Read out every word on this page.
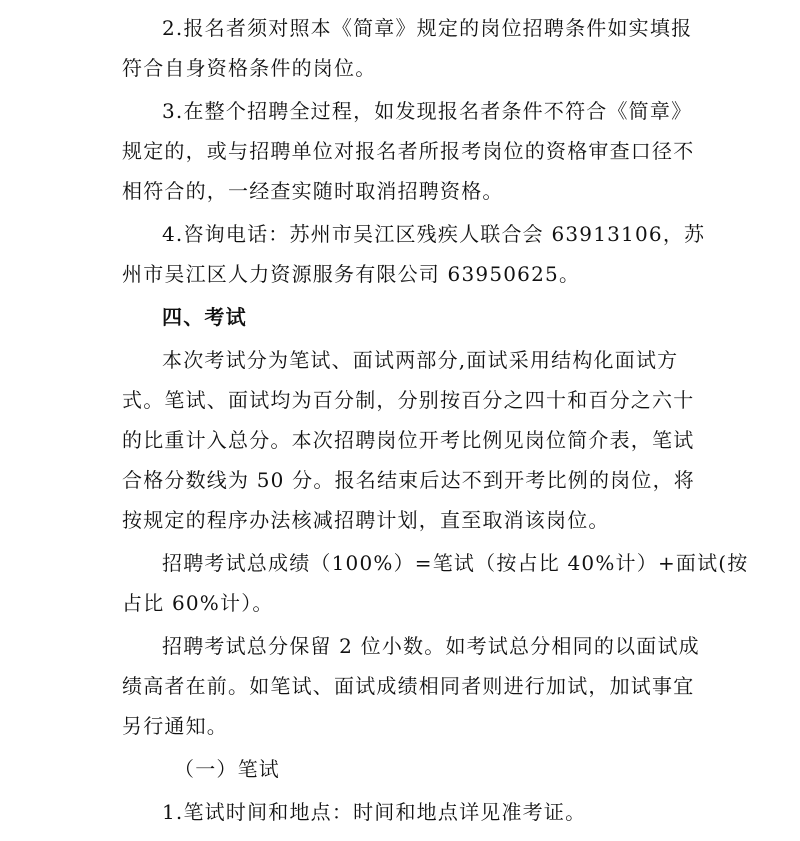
2.报名者须对照本《简章》规定的岗位招聘条件如实填报
符合自身资格条件的岗位。
3.在整个招聘全过程，如发现报名者条件不符合《简章》
规定的，或与招聘单位对报名者所报考岗位的资格审查口径不
相符合的，一经查实随时取消招聘资格。
4.咨询电话：苏州市吴江区残疾人联合会 63913106，苏
州市吴江区人力资源服务有限公司 63950625。
四、考试
本次考试分为笔试、面试两部分,面试采用结构化面试方
式。笔试、面试均为百分制，分别按百分之四十和百分之六十
的比重计入总分。本次招聘岗位开考比例见岗位简介表，笔试
合格分数线为 50 分。报名结束后达不到开考比例的岗位，将
按规定的程序办法核减招聘计划，直至取消该岗位。
招聘考试总成绩（100%）=笔试（按占比 40%计）+面试(按
占比 60%计）。
招聘考试总分保留 2 位小数。如考试总分相同的以面试成
绩高者在前。如笔试、面试成绩相同者则进行加试，加试事宜
另行通知。
（一）笔试
1.笔试时间和地点：时间和地点详见准考证。
